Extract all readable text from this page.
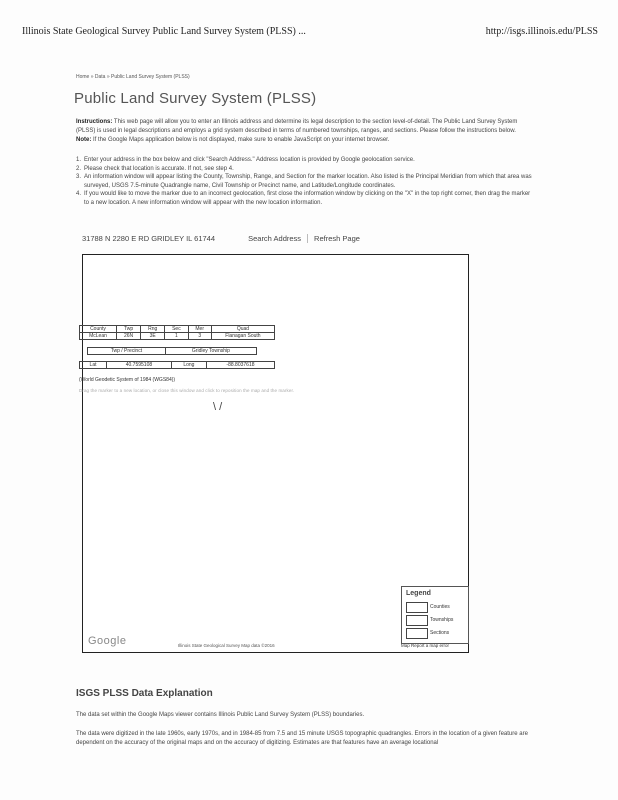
Illinois State Geological Survey Public Land Survey System (PLSS) ...	http://isgs.illinois.edu/PLSS
Home » Data » Public Land Survey System (PLSS)
Public Land Survey System (PLSS)
Instructions: This web page will allow you to enter an Illinois address and determine its legal description to the section level-of-detail. The Public Land Survey System (PLSS) is used in legal descriptions and employs a grid system described in terms of numbered townships, ranges, and sections. Please follow the instructions below. Note: If the Google Maps application below is not displayed, make sure to enable JavaScript on your internet browser.
1. Enter your address in the box below and click "Search Address." Address location is provided by Google geolocation service.
2. Please check that location is accurate. If not, see step 4.
3. An information window will appear listing the County, Township, Range, and Section for the marker location. Also listed is the Principal Meridian from which that area was surveyed, USGS 7.5-minute Quadrangle name, Civil Township or Precinct name, and Latitude/Longitude coordinates.
4. If you would like to move the marker due to an incorrect geolocation, first close the information window by clicking on the "X" in the top right corner, then drag the marker to a new location. A new information window will appear with the new location information.
31788 N 2280 E RD GRIDLEY IL 61744	Search Address Refresh Page
County	Twp	Rng	Sec	Mer	Quad
McLean	26N	3E	1	3	Flanagan South
Twp / Precinct	Gridley Township
Lat	40.7595108	Long	-88.8037618
(World Geodetic System of 1984 (WGS84))
Drag the marker to a new location, or close this window and click to reposition the map and the marker.
\ /
Legend
Counties
Townships
Sections
Google	Illinois State Geological Survey Map data ©2016	Map Report a map error
ISGS PLSS Data Explanation
The data set within the Google Maps viewer contains Illinois Public Land Survey System (PLSS) boundaries.
The data were digitized in the late 1960s, early 1970s, and in 1984-85 from 7.5 and 15 minute USGS topographic quadrangles. Errors in the location of a given feature are dependent on the accuracy of the original maps and on the accuracy of digitizing. Estimates are that features have an average locational
